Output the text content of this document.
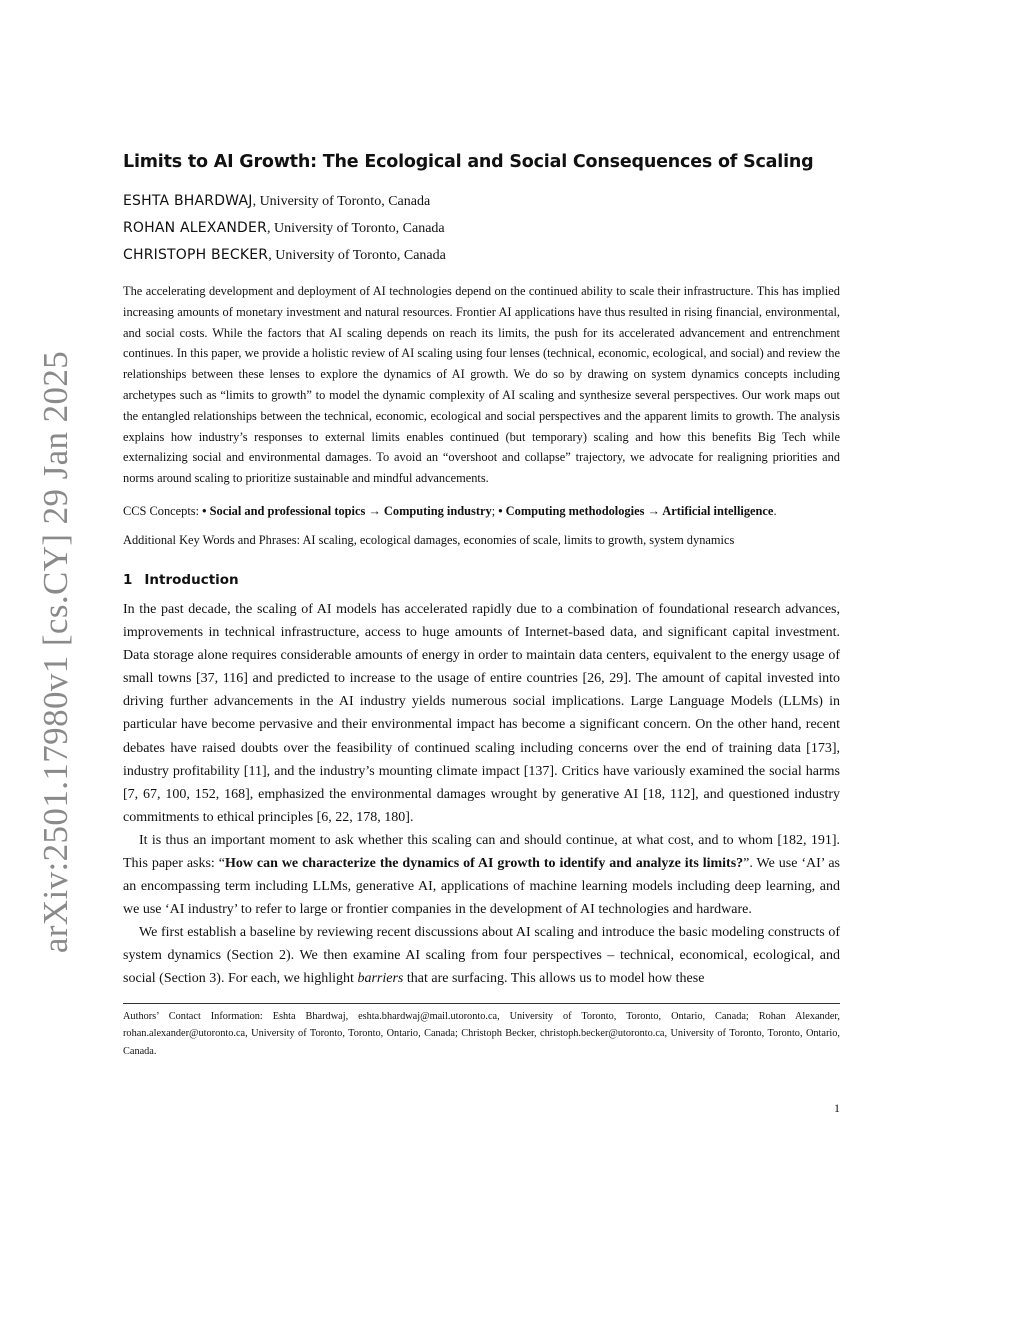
arXiv:2501.17980v1 [cs.CY] 29 Jan 2025
Limits to AI Growth: The Ecological and Social Consequences of Scaling
ESHTA BHARDWAJ, University of Toronto, Canada
ROHAN ALEXANDER, University of Toronto, Canada
CHRISTOPH BECKER, University of Toronto, Canada

The accelerating development and deployment of AI technologies depend on the continued ability to scale their infrastructure. This has implied increasing amounts of monetary investment and natural resources. Frontier AI applications have thus resulted in rising financial, environmental, and social costs. While the factors that AI scaling depends on reach its limits, the push for its accelerated advancement and entrenchment continues. In this paper, we provide a holistic review of AI scaling using four lenses (technical, economic, ecological, and social) and review the relationships between these lenses to explore the dynamics of AI growth. We do so by drawing on system dynamics concepts including archetypes such as “limits to growth” to model the dynamic complexity of AI scaling and synthesize several perspectives. Our work maps out the entangled relationships between the technical, economic, ecological and social perspectives and the apparent limits to growth. The analysis explains how industry’s responses to external limits enables continued (but temporary) scaling and how this benefits Big Tech while externalizing social and environmental damages. To avoid an “overshoot and collapse” trajectory, we advocate for realigning priorities and norms around scaling to prioritize sustainable and mindful advancements.

CCS Concepts: • Social and professional topics → Computing industry; • Computing methodologies → Artificial intelligence.
Additional Key Words and Phrases: AI scaling, ecological damages, economies of scale, limits to growth, system dynamics
1 Introduction

In the past decade, the scaling of AI models has accelerated rapidly due to a combination of foundational research advances, improvements in technical infrastructure, access to huge amounts of Internet-based data, and significant capital investment. Data storage alone requires considerable amounts of energy in order to maintain data centers, equivalent to the energy usage of small towns [37, 116] and predicted to increase to the usage of entire countries [26, 29]. The amount of capital invested into driving further advancements in the AI industry yields numerous social implications. Large Language Models (LLMs) in particular have become pervasive and their environmental impact has become a significant concern. On the other hand, recent debates have raised doubts over the feasibility of continued scaling including concerns over the end of training data [173], industry profitability [11], and the industry’s mounting climate impact [137]. Critics have variously examined the social harms [7, 67, 100, 152, 168], emphasized the environmental damages wrought by generative AI [18, 112], and questioned industry commitments to ethical principles [6, 22, 178, 180].

It is thus an important moment to ask whether this scaling can and should continue, at what cost, and to whom [182, 191]. This paper asks: “How can we characterize the dynamics of AI growth to identify and analyze its limits?”. We use ‘AI’ as an encompassing term including LLMs, generative AI, applications of machine learning models including deep learning, and we use ‘AI industry’ to refer to large or frontier companies in the development of AI technologies and hardware.

We first establish a baseline by reviewing recent discussions about AI scaling and introduce the basic modeling constructs of system dynamics (Section 2). We then examine AI scaling from four perspectives – technical, economical, ecological, and social (Section 3). For each, we highlight barriers that are surfacing. This allows us to model how these

Authors’ Contact Information: Eshta Bhardwaj, eshta.bhardwaj@mail.utoronto.ca, University of Toronto, Toronto, Ontario, Canada; Rohan Alexander, rohan.alexander@utoronto.ca, University of Toronto, Toronto, Ontario, Canada; Christoph Becker, christoph.becker@utoronto.ca, University of Toronto, Toronto, Ontario, Canada.
1
